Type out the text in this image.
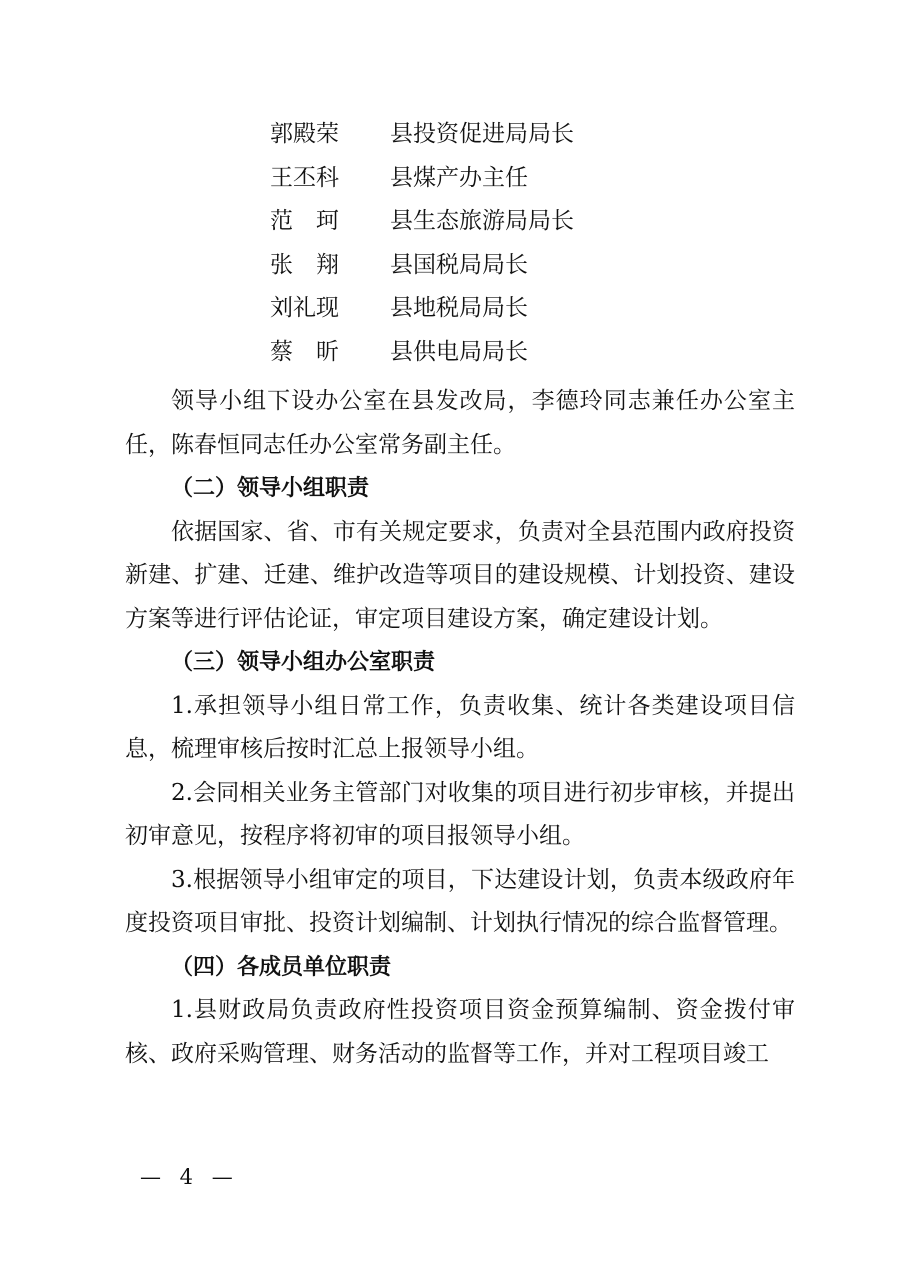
郭殿荣 县投资促进局局长
王丕科 县煤产办主任
范　珂 县生态旅游局局长
张　翔 县国税局局长
刘礼现 县地税局局长
蔡　昕 县供电局局长

领导小组下设办公室在县发改局，李德玲同志兼任办公室主任，陈春恒同志任办公室常务副主任。

（二）领导小组职责

依据国家、省、市有关规定要求，负责对全县范围内政府投资新建、扩建、迁建、维护改造等项目的建设规模、计划投资、建设方案等进行评估论证，审定项目建设方案，确定建设计划。

（三）领导小组办公室职责

1.承担领导小组日常工作，负责收集、统计各类建设项目信息，梳理审核后按时汇总上报领导小组。

2.会同相关业务主管部门对收集的项目进行初步审核，并提出初审意见，按程序将初审的项目报领导小组。

3.根据领导小组审定的项目，下达建设计划，负责本级政府年度投资项目审批、投资计划编制、计划执行情况的综合监督管理。

（四）各成员单位职责

1.县财政局负责政府性投资项目资金预算编制、资金拨付审核、政府采购管理、财务活动的监督等工作，并对工程项目竣工

— 4 —
